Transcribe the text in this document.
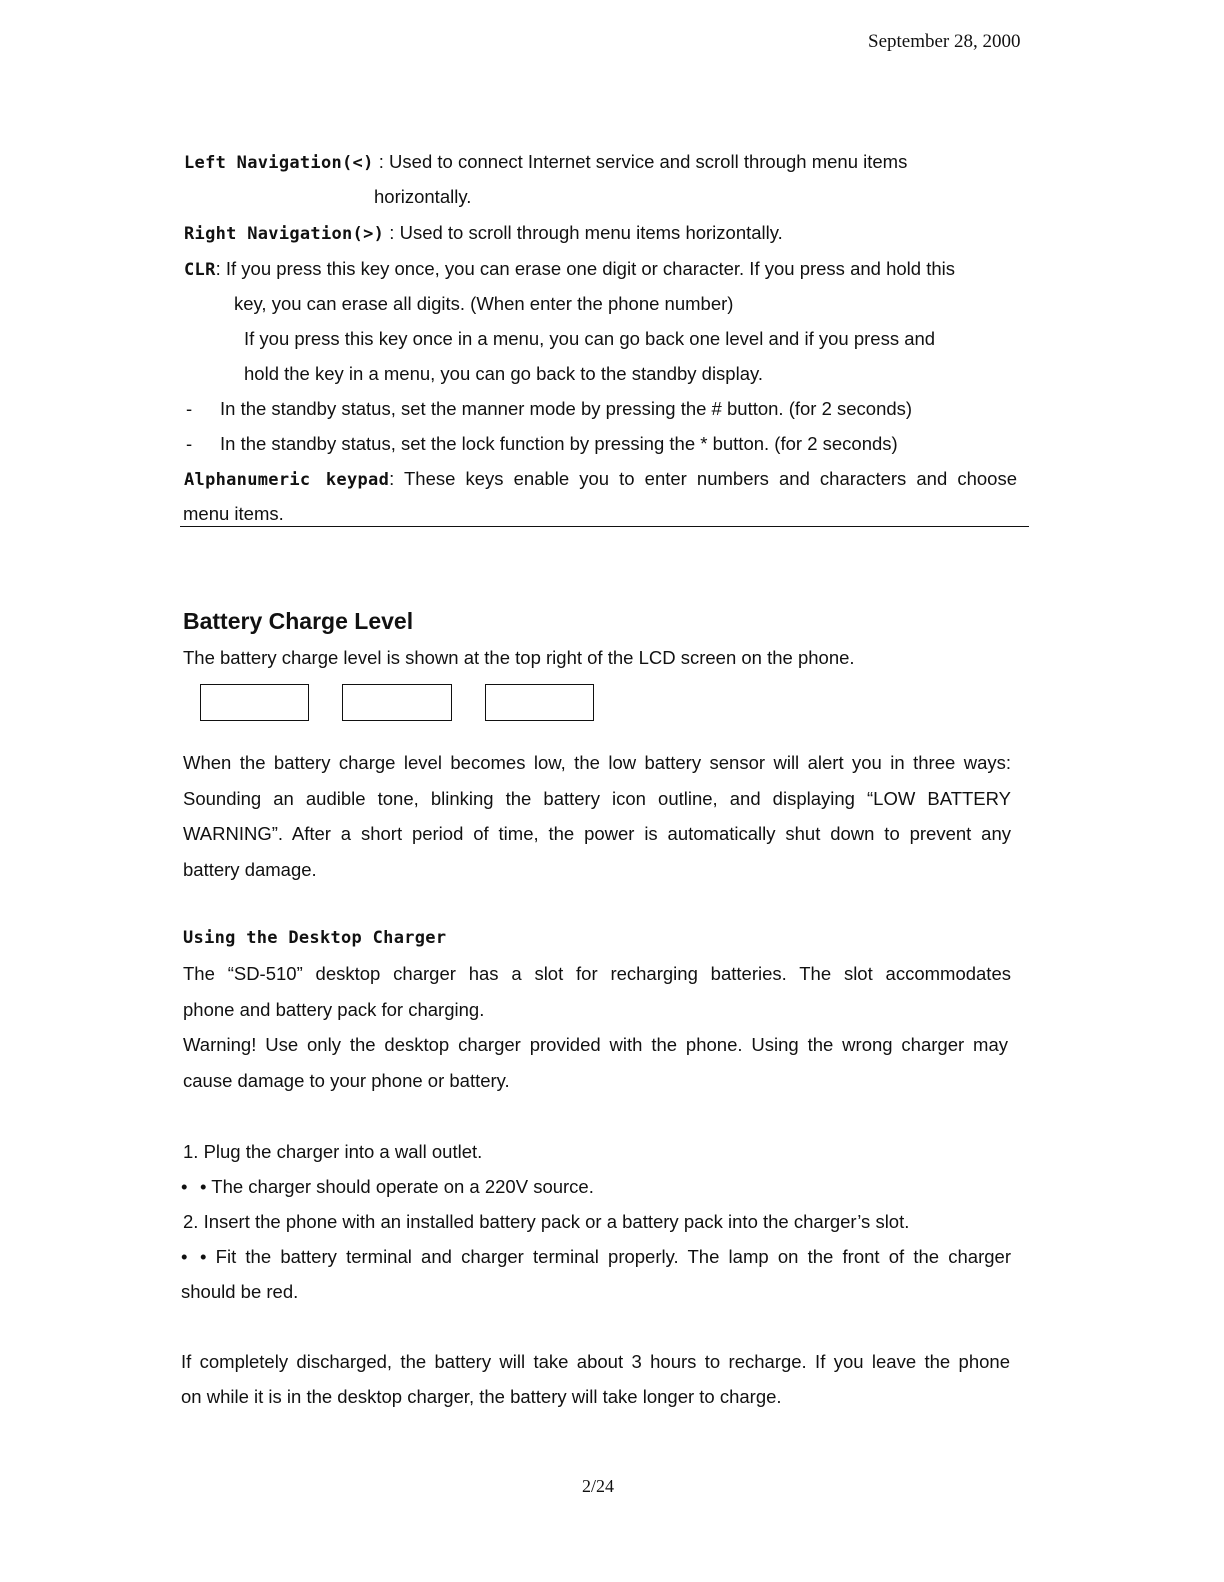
September 28, 2000
Left Navigation(<) : Used to connect Internet service and scroll through menu items
horizontally.
Right Navigation(>) : Used to scroll through menu items horizontally.
CLR: If you press this key once, you can erase one digit or character. If you press and hold this
key, you can erase all digits. (When enter the phone number)
If you press this key once in a menu, you can go back one level and if you press and
hold the key in a menu, you can go back to the standby display.
- In the standby status, set the manner mode by pressing the # button. (for 2 seconds)
- In the standby status, set the lock function by pressing the * button. (for 2 seconds)
Alphanumeric keypad: These keys enable you to enter numbers and characters and choose
menu items.
Battery Charge Level
The battery charge level is shown at the top right of the LCD screen on the phone.
When the battery charge level becomes low, the low battery sensor will alert you in three ways:
Sounding an audible tone, blinking the battery icon outline, and displaying “LOW BATTERY
WARNING”. After a short period of time, the power is automatically shut down to prevent any
battery damage.
Using the Desktop Charger
The “SD-510” desktop charger has a slot for recharging batteries. The slot accommodates
phone and battery pack for charging.
Warning! Use only the desktop charger provided with the phone. Using the wrong charger may
cause damage to your phone or battery.
1. Plug the charger into a wall outlet.
• • The charger should operate on a 220V source.
2. Insert the phone with an installed battery pack or a battery pack into the charger’s slot.
• • Fit the battery terminal and charger terminal properly. The lamp on the front of the charger
should be red.
If completely discharged, the battery will take about 3 hours to recharge. If you leave the phone
on while it is in the desktop charger, the battery will take longer to charge.
2/24
